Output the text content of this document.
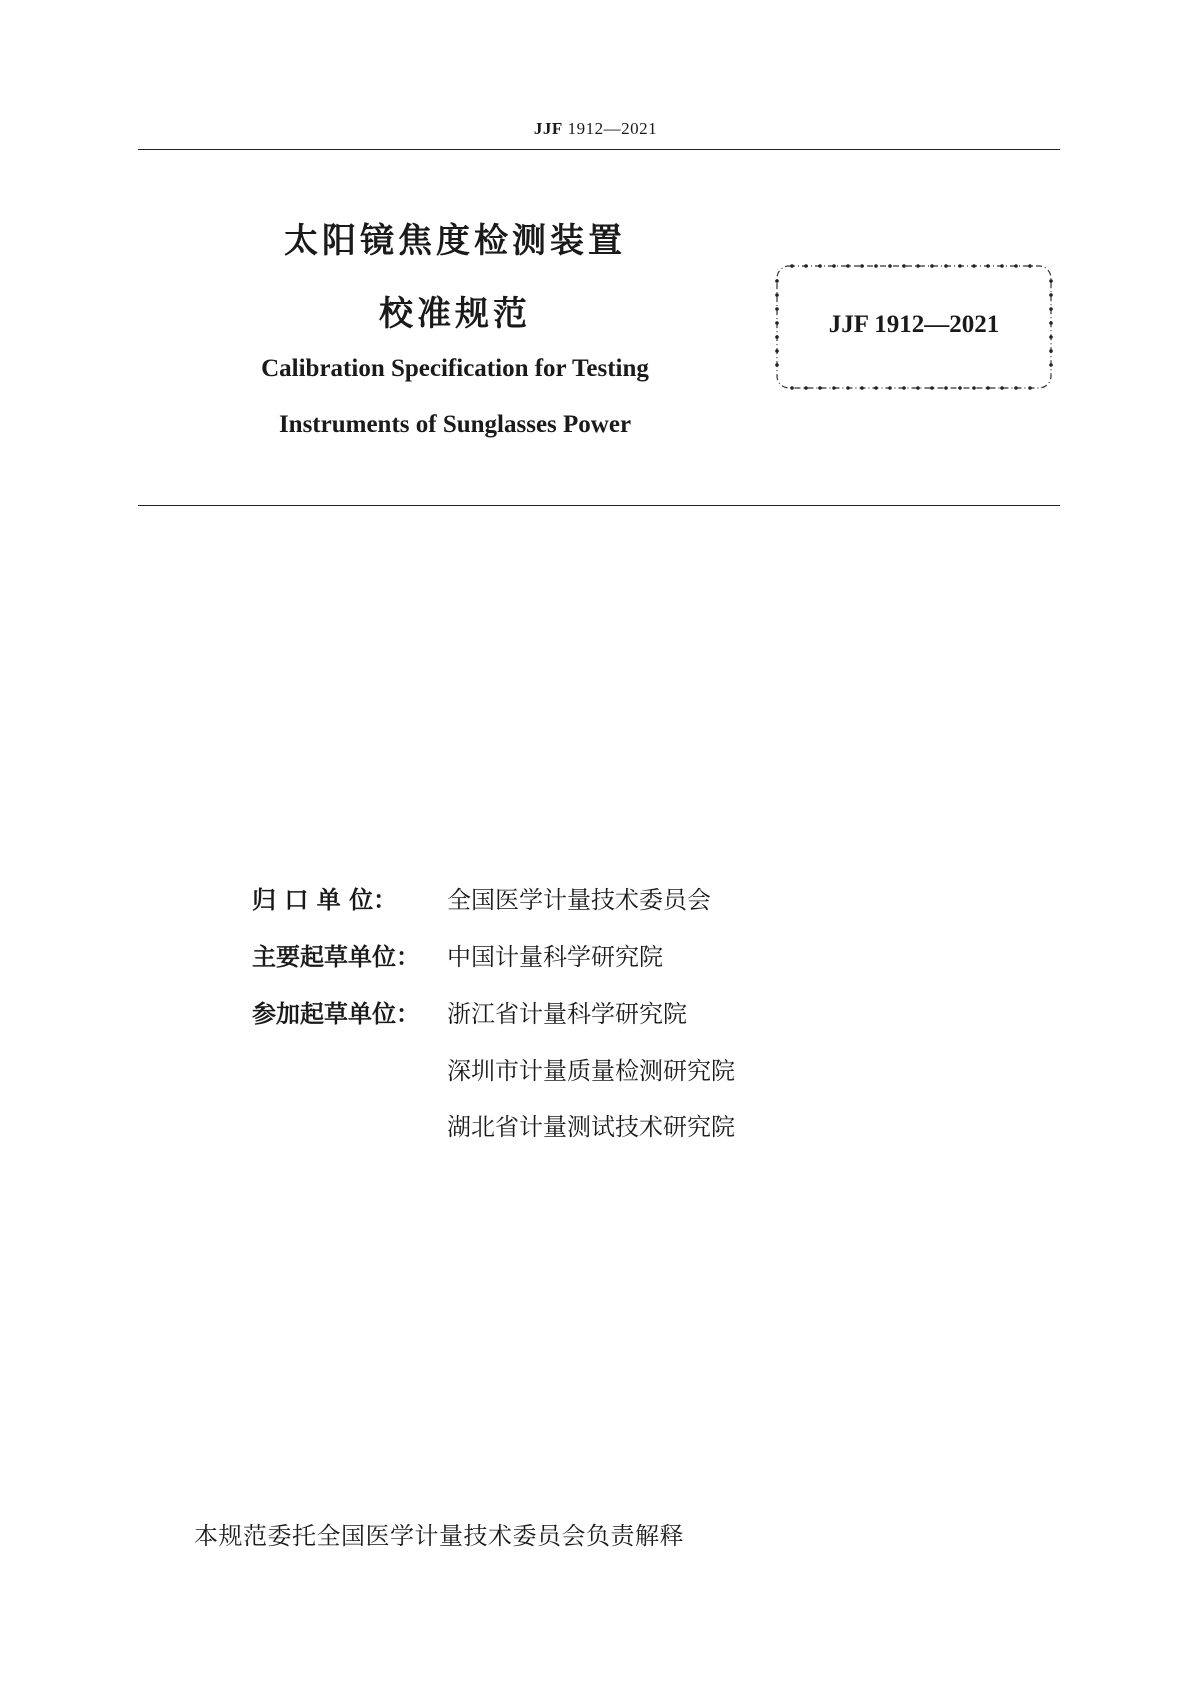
JJF 1912—2021
太阳镜焦度检测装置
校准规范
Calibration Specification for Testing
Instruments of Sunglasses Power
JJF 1912—2021
归 口 单 位：	全国医学计量技术委员会
主要起草单位：	中国计量科学研究院
参加起草单位：	浙江省计量科学研究院
深圳市计量质量检测研究院
湖北省计量测试技术研究院
本规范委托全国医学计量技术委员会负责解释
